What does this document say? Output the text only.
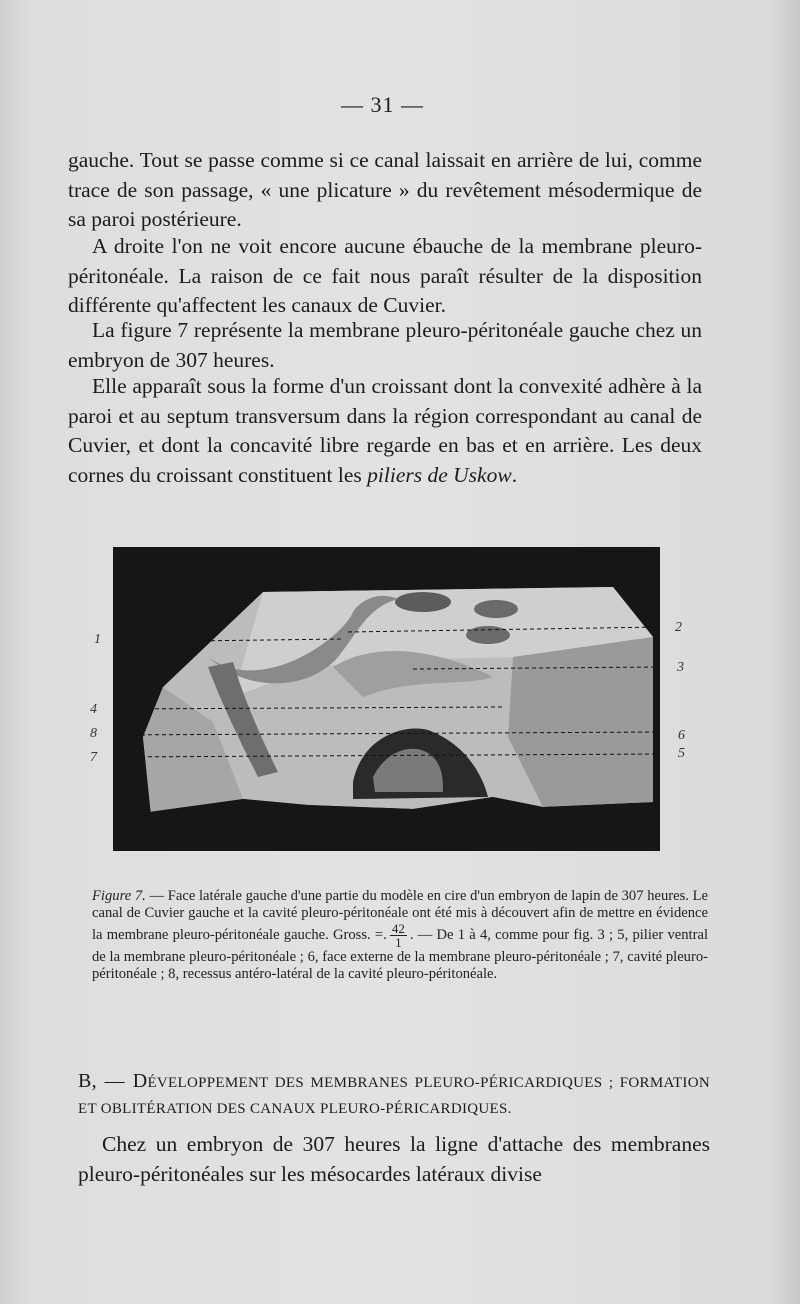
— 31 —

gauche. Tout se passe comme si ce canal laissait en arrière de lui, comme trace de son passage, « une plicature » du revêtement mésodermique de sa paroi postérieure.

A droite l'on ne voit encore aucune ébauche de la membrane pleuro-péritonéale. La raison de ce fait nous paraît résulter de la disposition différente qu'affectent les canaux de Cuvier.

La figure 7 représente la membrane pleuro-péritonéale gauche chez un embryon de 307 heures.

Elle apparaît sous la forme d'un croissant dont la convexité adhère à la paroi et au septum transversum dans la région correspondant au canal de Cuvier, et dont la concavité libre regarde en bas et en arrière. Les deux cornes du croissant constituent les piliers de Uskow.

1
4
8
7
2
3
6
5

Figure 7. — Face latérale gauche d'une partie du modèle en cire d'un embryon de lapin de 307 heures. Le canal de Cuvier gauche et la cavité pleuro-péritonéale ont été mis à découvert afin de mettre en évidence la membrane pleuro-péritonéale gauche. Gross. =. $\frac{42}{1}$ . — De 1 à 4, comme pour fig. 3 ; 5, pilier ventral de la membrane pleuro-péritonéale ; 6, face externe de la membrane pleuro-péritonéale ; 7, cavité pleuro-péritonéale ; 8, recessus antéro-latéral de la cavité pleuro-péritonéale.

B, — DÉVELOPPEMENT DES MEMBRANES PLEURO-PÉRICARDIQUES ; FORMATION ET OBLITÉRATION DES CANAUX PLEURO-PÉRICARDIQUES.

Chez un embryon de 307 heures la ligne d'attache des membranes pleuro-péritonéales sur les mésocardes latéraux divise
